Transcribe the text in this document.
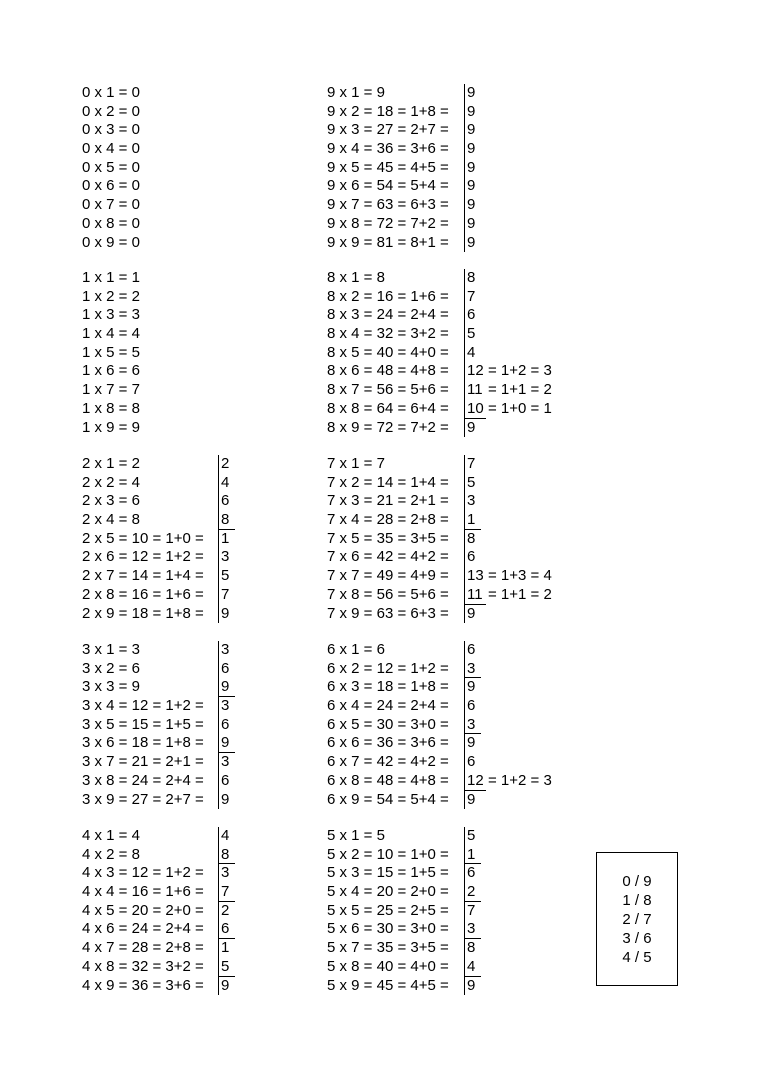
0 x 1 = 0
0 x 2 = 0
0 x 3 = 0
0 x 4 = 0
0 x 5 = 0
0 x 6 = 0
0 x 7 = 0
0 x 8 = 0
0 x 9 = 0
1 x 1 = 1
1 x 2 = 2
1 x 3 = 3
1 x 4 = 4
1 x 5 = 5
1 x 6 = 6
1 x 7 = 7
1 x 8 = 8
1 x 9 = 9
2 x 1 = 2	2
2 x 2 = 4	4
2 x 3 = 6	6
2 x 4 = 8	8
2 x 5 = 10 = 1+0 = 1
2 x 6 = 12 = 1+2 = 3
2 x 7 = 14 = 1+4 = 5
2 x 8 = 16 = 1+6 = 7
2 x 9 = 18 = 1+8 = 9
3 x 1 = 3	3
3 x 2 = 6	6
3 x 3 = 9	9
3 x 4 = 12 = 1+2 = 3
3 x 5 = 15 = 1+5 = 6
3 x 6 = 18 = 1+8 = 9
3 x 7 = 21 = 2+1 = 3
3 x 8 = 24 = 2+4 = 6
3 x 9 = 27 = 2+7 = 9
4 x 1 = 4	4
4 x 2 = 8	8
4 x 3 = 12 = 1+2 = 3
4 x 4 = 16 = 1+6 = 7
4 x 5 = 20 = 2+0 = 2
4 x 6 = 24 = 2+4 = 6
4 x 7 = 28 = 2+8 = 1
4 x 8 = 32 = 3+2 = 5
4 x 9 = 36 = 3+6 = 9
9 x 1 = 9	9
9 x 2 = 18 = 1+8 = 9
9 x 3 = 27 = 2+7 = 9
9 x 4 = 36 = 3+6 = 9
9 x 5 = 45 = 4+5 = 9
9 x 6 = 54 = 5+4 = 9
9 x 7 = 63 = 6+3 = 9
9 x 8 = 72 = 7+2 = 9
9 x 9 = 81 = 8+1 = 9
8 x 1 = 8	8
8 x 2 = 16 = 1+6 = 7
8 x 3 = 24 = 2+4 = 6
8 x 4 = 32 = 3+2 = 5
8 x 5 = 40 = 4+0 = 4
8 x 6 = 48 = 4+8 = 12 = 1+2 = 3
8 x 7 = 56 = 5+6 = 11 = 1+1 = 2
8 x 8 = 64 = 6+4 = 10 = 1+0 = 1
8 x 9 = 72 = 7+2 = 9
7 x 1 = 7	7
7 x 2 = 14 = 1+4 = 5
7 x 3 = 21 = 2+1 = 3
7 x 4 = 28 = 2+8 = 1
7 x 5 = 35 = 3+5 = 8
7 x 6 = 42 = 4+2 = 6
7 x 7 = 49 = 4+9 = 13 = 1+3 = 4
7 x 8 = 56 = 5+6 = 11 = 1+1 = 2
7 x 9 = 63 = 6+3 = 9
6 x 1 = 6	6
6 x 2 = 12 = 1+2 = 3
6 x 3 = 18 = 1+8 = 9
6 x 4 = 24 = 2+4 = 6
6 x 5 = 30 = 3+0 = 3
6 x 6 = 36 = 3+6 = 9
6 x 7 = 42 = 4+2 = 6
6 x 8 = 48 = 4+8 = 12 = 1+2 = 3
6 x 9 = 54 = 5+4 = 9
5 x 1 = 5	5
5 x 2 = 10 = 1+0 = 1
5 x 3 = 15 = 1+5 = 6
5 x 4 = 20 = 2+0 = 2
5 x 5 = 25 = 2+5 = 7
5 x 6 = 30 = 3+0 = 3
5 x 7 = 35 = 3+5 = 8
5 x 8 = 40 = 4+0 = 4
5 x 9 = 45 = 4+5 = 9
0 / 9
1 / 8
2 / 7
3 / 6
4 / 5
